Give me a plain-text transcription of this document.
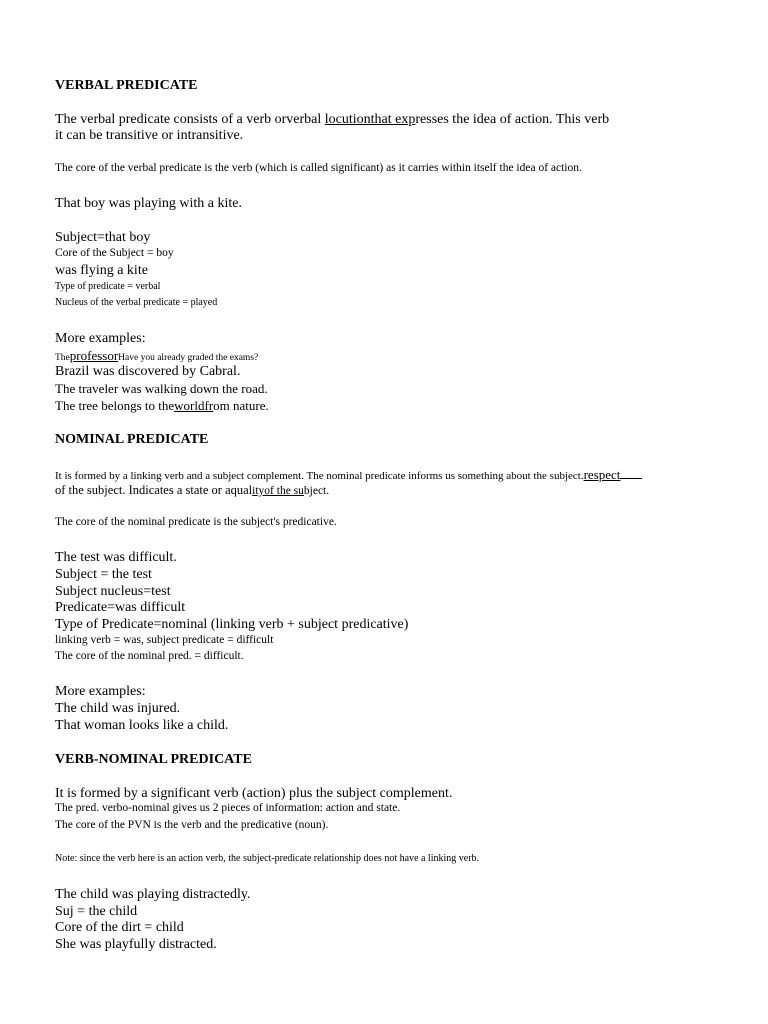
VERBAL PREDICATE
The verbal predicate consists of a verb orverbal locutionthat expresses the idea of action. This verb
it can be transitive or intransitive.
The core of the verbal predicate is the verb (which is called significant) as it carries within itself the idea of action.
That boy was playing with a kite.
Subject=that boy
Core of the Subject = boy
was flying a kite
Type of predicate = verbal
Nucleus of the verbal predicate = played
More examples:
TheprofessorHave you already graded the exams?
Brazil was discovered by Cabral.
The traveler was walking down the road.
The tree belongs to theworldfrom nature.
NOMINAL PREDICATE
It is formed by a linking verb and a subject complement. The nominal predicate informs us something about the subject.respect
of the subject. Indicates a state or aqualityof the subject.
The core of the nominal predicate is the subject's predicative.
The test was difficult.
Subject = the test
Subject nucleus=test
Predicate=was difficult
Type of Predicate=nominal (linking verb + subject predicative)
linking verb = was, subject predicate = difficult
The core of the nominal pred. = difficult.
More examples:
The child was injured.
That woman looks like a child.
VERB-NOMINAL PREDICATE
It is formed by a significant verb (action) plus the subject complement.
The pred. verbo-nominal gives us 2 pieces of information: action and state.
The core of the PVN is the verb and the predicative (noun).
Note: since the verb here is an action verb, the subject-predicate relationship does not have a linking verb.
The child was playing distractedly.
Suj = the child
Core of the dirt = child
She was playfully distracted.
